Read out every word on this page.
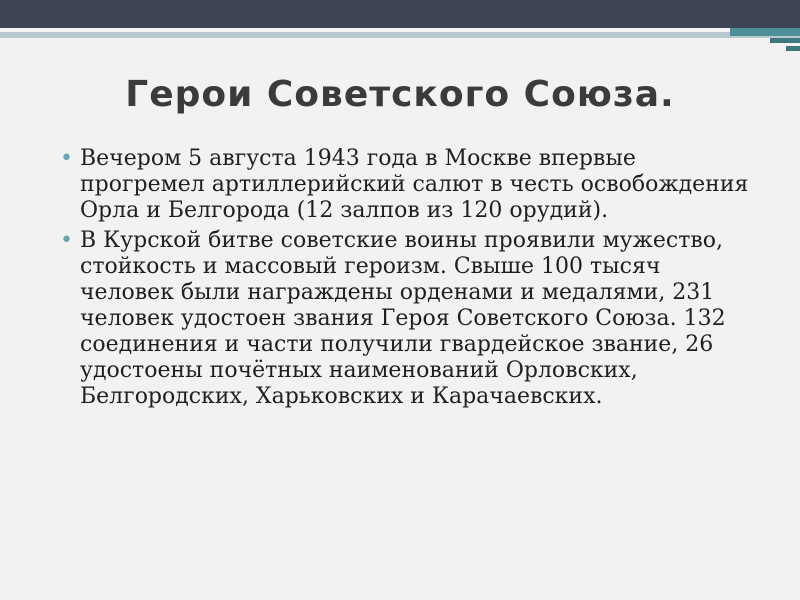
Герои Советского Союза.
• Вечером 5 августа 1943 года в Москве впервые прогремел артиллерийский салют в честь освобождения Орла и Белгорода (12 залпов из 120 орудий).
• В Курской битве советские воины проявили мужество, стойкость и массовый героизм. Свыше 100 тысяч человек были награждены орденами и медалями, 231 человек удостоен звания Героя Советского Союза. 132 соединения и части получили гвардейское звание, 26 удостоены почётных наименований Орловских, Белгородских, Харьковских и Карачаевских.
